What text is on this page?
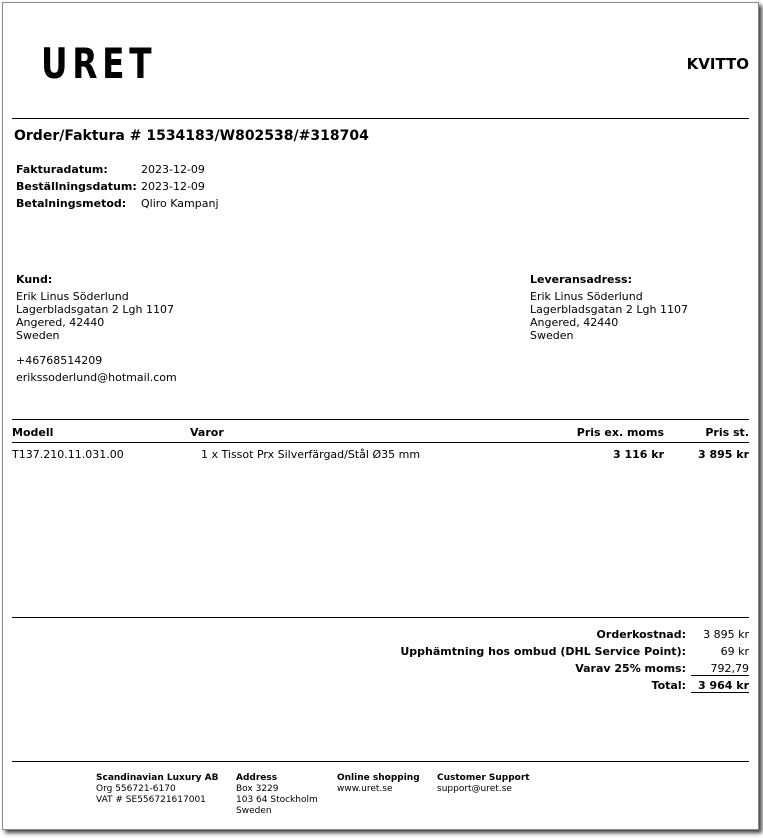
URET	KVITTO
Order/Faktura # 1534183/W802538/#318704
Fakturadatum:	2023-12-09
Beställningsdatum: 2023-12-09
Betalningsmetod:	Qliro Kampanj
Kund:
Erik Linus Söderlund
Lagerbladsgatan 2 Lgh 1107
Angered, 42440
Sweden
+46768514209
erikssoderlund@hotmail.com
Leveransadress:
Erik Linus Söderlund
Lagerbladsgatan 2 Lgh 1107
Angered, 42440
Sweden
Modell	Varor	Pris ex. moms	Pris st.
T137.210.11.031.00	1 x Tissot Prx Silverfärgad/Stål Ø35 mm	3 116 kr	3 895 kr
Orderkostnad:	3 895 kr
Upphämtning hos ombud (DHL Service Point):	69 kr
Varav 25% moms:	792,79
Total:	3 964 kr
Scandinavian Luxury AB
Org 556721-6170
VAT # SE556721617001
Address
Box 3229
103 64 Stockholm
Sweden
Online shopping
www.uret.se
Customer Support
support@uret.se
